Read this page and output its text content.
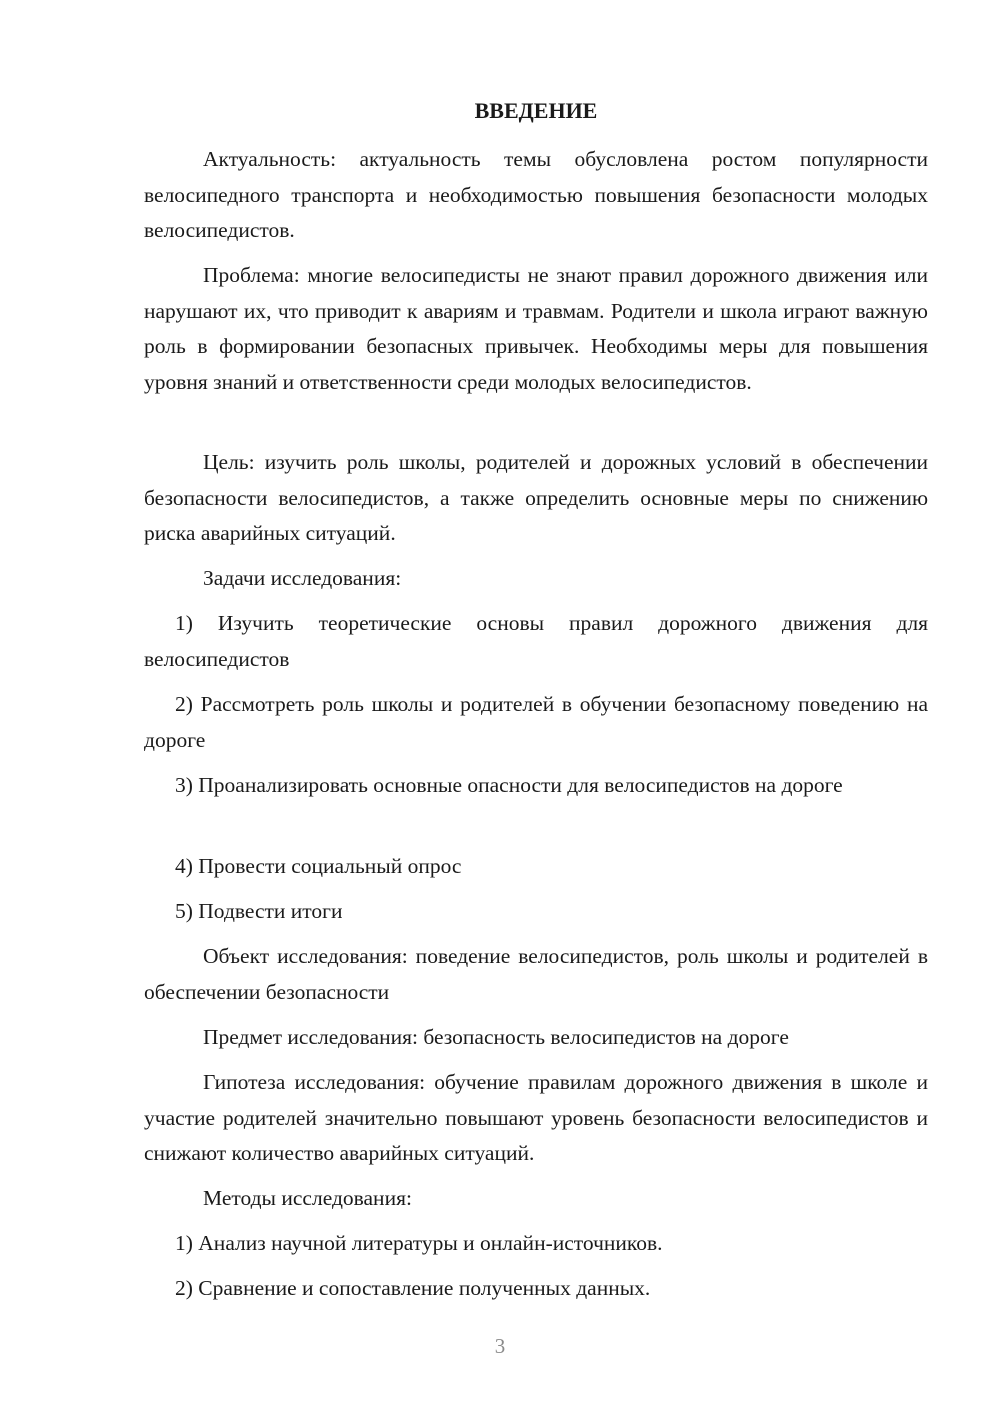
ВВЕДЕНИЕ

Актуальность: актуальность темы обусловлена ростом популярности велосипедного транспорта и необходимостью повышения безопасности молодых велосипедистов.

Проблема: многие велосипедисты не знают правил дорожного движения или нарушают их, что приводит к авариям и травмам. Родители и школа играют важную роль в формировании безопасных привычек. Необходимы меры для повышения уровня знаний и ответственности среди молодых велосипедистов.

Цель: изучить роль школы, родителей и дорожных условий в обеспечении безопасности велосипедистов, а также определить основные меры по снижению риска аварийных ситуаций.

Задачи исследования:

1) Изучить теоретические основы правил дорожного движения для велосипедистов

2) Рассмотреть роль школы и родителей в обучении безопасному поведению на дороге

3) Проанализировать основные опасности для велосипедистов на дороге

4) Провести социальный опрос

5) Подвести итоги

Объект исследования: поведение велосипедистов, роль школы и родителей в обеспечении безопасности

Предмет исследования: безопасность велосипедистов на дороге

Гипотеза исследования: обучение правилам дорожного движения в школе и участие родителей значительно повышают уровень безопасности велосипедистов и снижают количество аварийных ситуаций.

Методы исследования:

1) Анализ научной литературы и онлайн-источников.

2) Сравнение и сопоставление полученных данных.

3
